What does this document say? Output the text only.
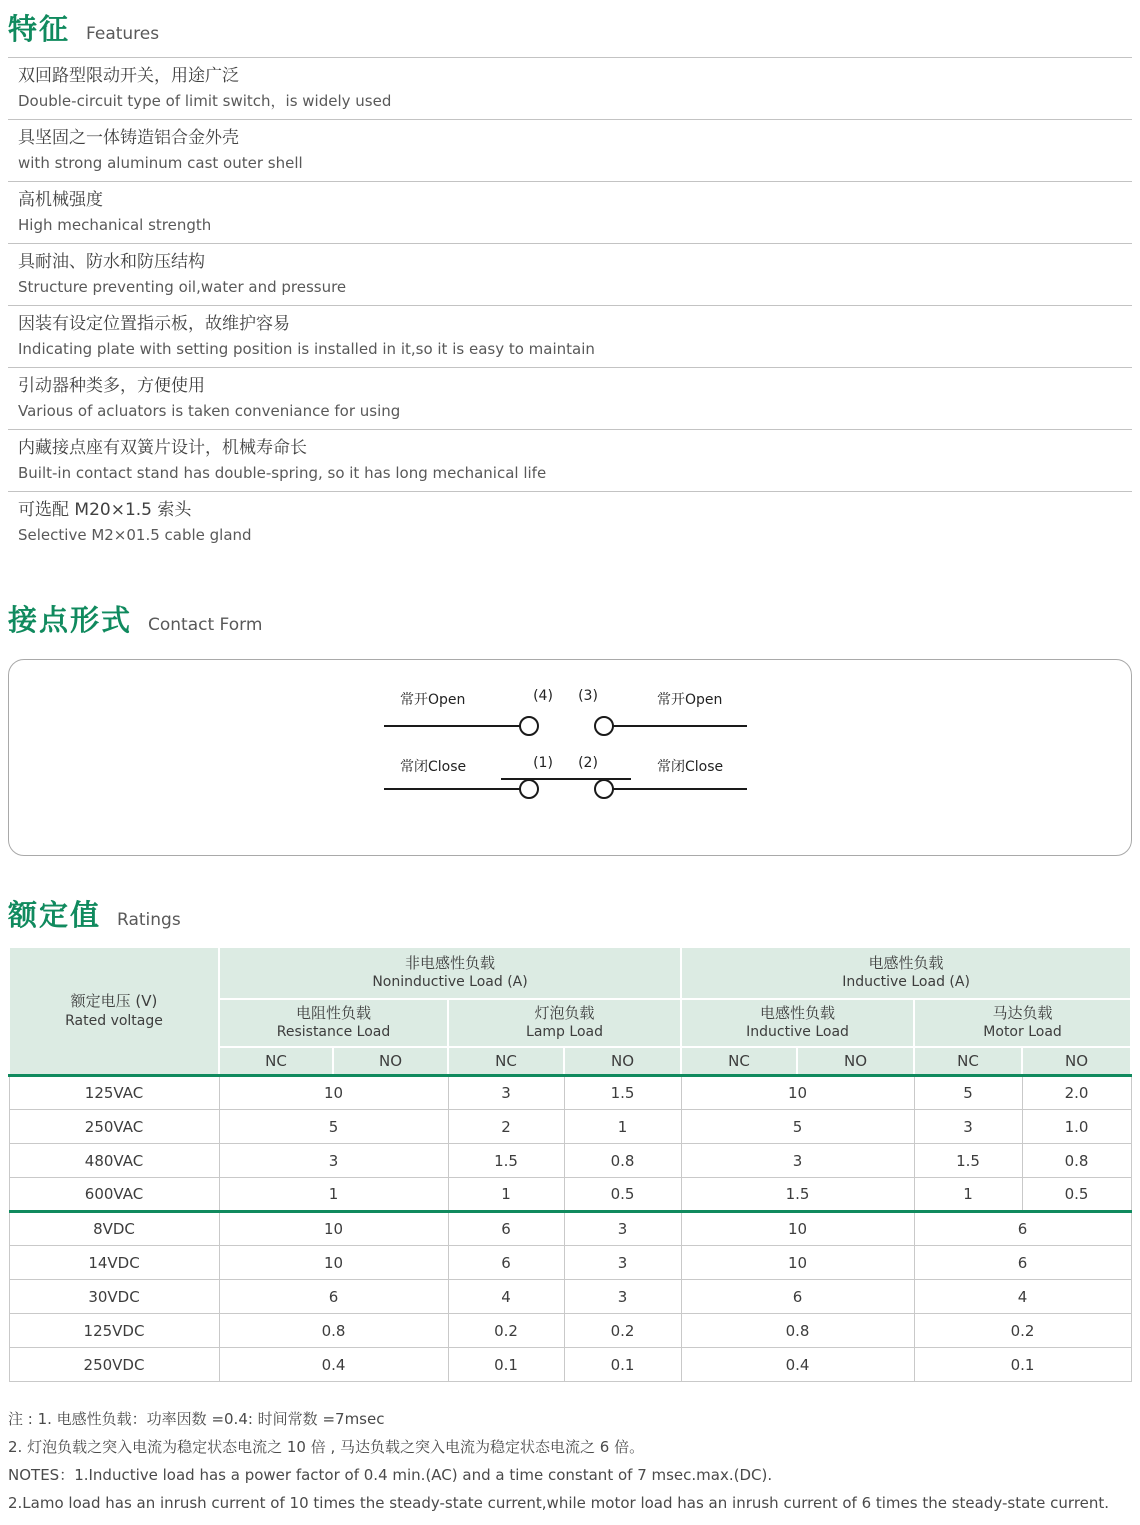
特征 Features
双回路型限动开关，用途广泛
Double-circuit type of limit switch，is widely used
具坚固之一体铸造铝合金外壳
with strong aluminum cast outer shell
高机械强度
High mechanical strength
具耐油、防水和防压结构
Structure preventing oil,water and pressure
因装有设定位置指示板，故维护容易
Indicating plate with setting position is installed in it,so it is easy to maintain
引动器种类多，方便使用
Various of acluators is taken conveniance for using
内藏接点座有双簧片设计，机械寿命长
Built-in contact stand has double-spring, so it has long mechanical life
可选配 M20×1.5 索头
Selective M2×01.5 cable gland
接点形式 Contact Form
常开Open	(4) (3)	常开Open
常闭Close	(1) (2)	常闭Close
额定值 Ratings
额定电压 (V)
Rated voltage

非电感性负载
Noninductive Load (A)

电感性负载
Inductive Load (A)

电阻性负载
Resistance Load

灯泡负载
Lamp Load

电感性负载
Inductive Load

马达负载
Motor Load

	NC	NO	NC	NO	NC	NO	NC	NO
125VAC	10		3	1.5	10		5	2.0
250VAC	5		2	1	5		3	1.0
480VAC	3		1.5	0.8	3		1.5	0.8
600VAC	1		1	0.5	1.5		1	0.5
8VDC	10		6	3	10		6	
14VDC	10		6	3	10		6	
30VDC	6		4	3	6		4	
125VDC	0.8		0.2	0.2	0.8		0.2	
250VDC	0.4		0.1	0.1	0.4		0.1	

注 : 1. 电感性负载：功率因数 =0.4: 时间常数 =7msec

2. 灯泡负载之突入电流为稳定状态电流之 10 倍 , 马达负载之突入电流为稳定状态电流之 6 倍。

NOTES：1.Inductive load has a power factor of 0.4 min.(AC) and a time constant of 7 msec.max.(DC).

2.Lamo load has an inrush current of 10 times the steady-state current,while motor load has an inrush current of 6 times the steady-state current.
